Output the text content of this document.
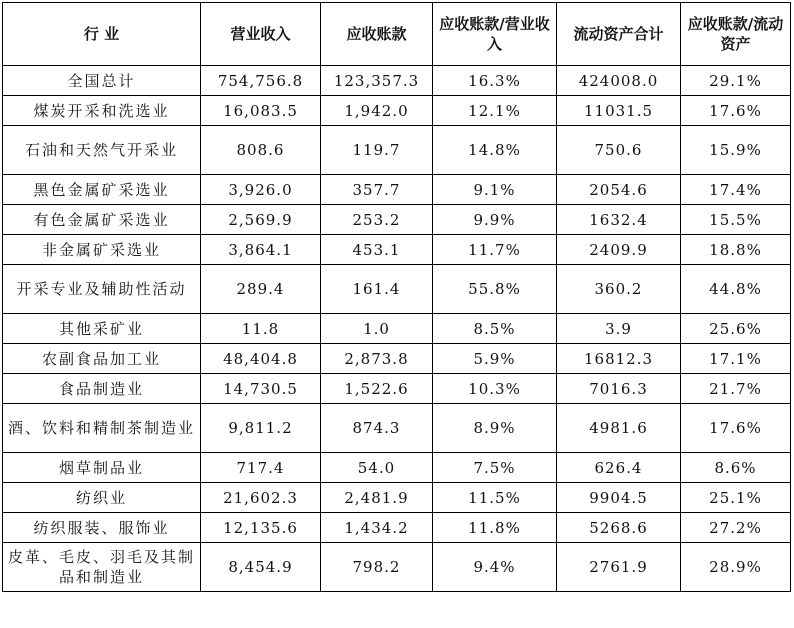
行 业	营业收入	应收账款	应收账款/营业收入	流动资产合计	应收账款/流动资产
全国总计	754,756.8	123,357.3	16.3%	424008.0	29.1%
煤炭开采和洗选业	16,083.5	1,942.0	12.1%	11031.5	17.6%
石油和天然气开采业	808.6	119.7	14.8%	750.6	15.9%
黑色金属矿采选业	3,926.0	357.7	9.1%	2054.6	17.4%
有色金属矿采选业	2,569.9	253.2	9.9%	1632.4	15.5%
非金属矿采选业	3,864.1	453.1	11.7%	2409.9	18.8%
开采专业及辅助性活动	289.4	161.4	55.8%	360.2	44.8%
其他采矿业	11.8	1.0	8.5%	3.9	25.6%
农副食品加工业	48,404.8	2,873.8	5.9%	16812.3	17.1%
食品制造业	14,730.5	1,522.6	10.3%	7016.3	21.7%
酒、饮料和精制茶制造业	9,811.2	874.3	8.9%	4981.6	17.6%
烟草制品业	717.4	54.0	7.5%	626.4	8.6%
纺织业	21,602.3	2,481.9	11.5%	9904.5	25.1%
纺织服装、服饰业	12,135.6	1,434.2	11.8%	5268.6	27.2%
皮革、毛皮、羽毛及其制品和制造业	8,454.9	798.2	9.4%	2761.9	28.9%
